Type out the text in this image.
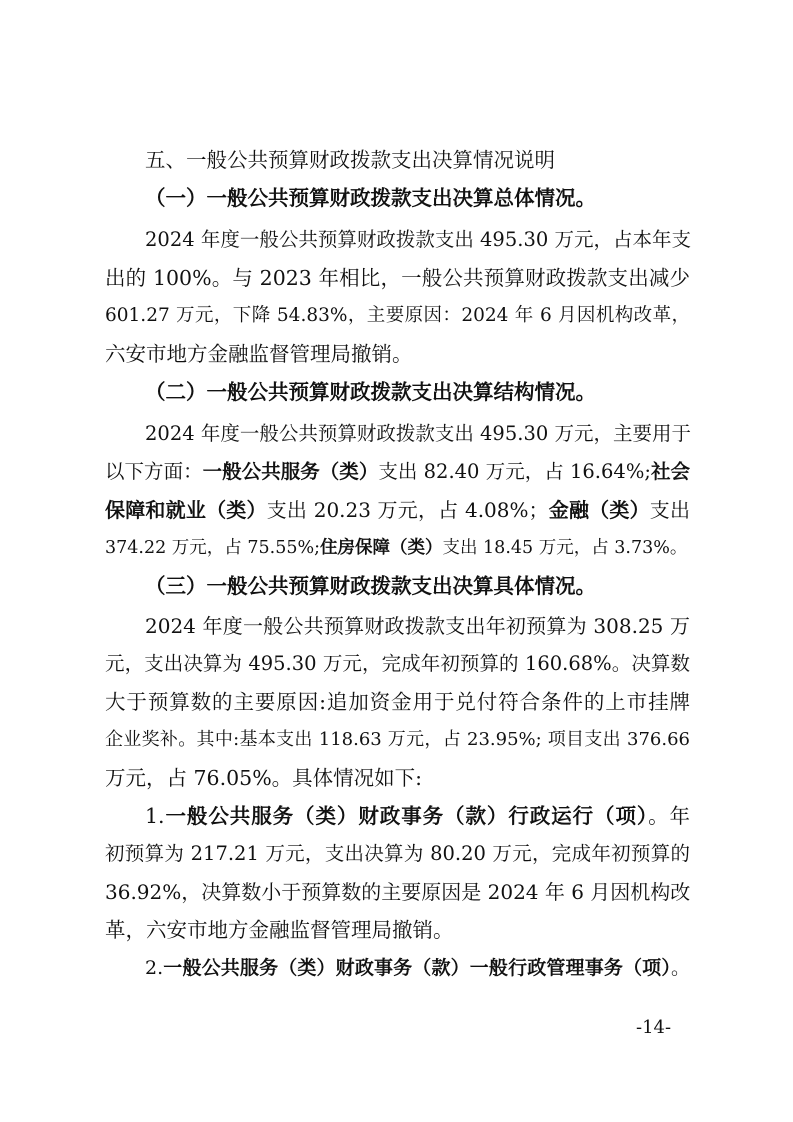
五、一般公共预算财政拨款支出决算情况说明
（一）一般公共预算财政拨款支出决算总体情况。
2024 年度一般公共预算财政拨款支出 495.30 万元，占本年支
出的 100%。与 2023 年相比，一般公共预算财政拨款支出减少
601.27 万元，下降 54.83%，主要原因：2024 年 6 月因机构改革，
六安市地方金融监督管理局撤销。
（二）一般公共预算财政拨款支出决算结构情况。
2024 年度一般公共预算财政拨款支出 495.30 万元，主要用于
以下方面：一般公共服务（类）支出 82.40 万元，占 16.64%;社会
保障和就业（类）支出 20.23 万元，占 4.08%；金融（类）支出
374.22 万元，占 75.55%;住房保障（类）支出 18.45 万元，占 3.73%。
（三）一般公共预算财政拨款支出决算具体情况。
2024 年度一般公共预算财政拨款支出年初预算为 308.25 万
元，支出决算为 495.30 万元，完成年初预算的 160.68%。决算数
大于预算数的主要原因:追加资金用于兑付符合条件的上市挂牌
企业奖补。其中:基本支出 118.63 万元，占 23.95%; 项目支出 376.66
万元，占 76.05%。具体情况如下:
1.一般公共服务（类）财政事务（款）行政运行（项）。年
初预算为 217.21 万元，支出决算为 80.20 万元，完成年初预算的
36.92%，决算数小于预算数的主要原因是 2024 年 6 月因机构改
革，六安市地方金融监督管理局撤销。
2.一般公共服务（类）财政事务（款）一般行政管理事务（项）。
-14-
